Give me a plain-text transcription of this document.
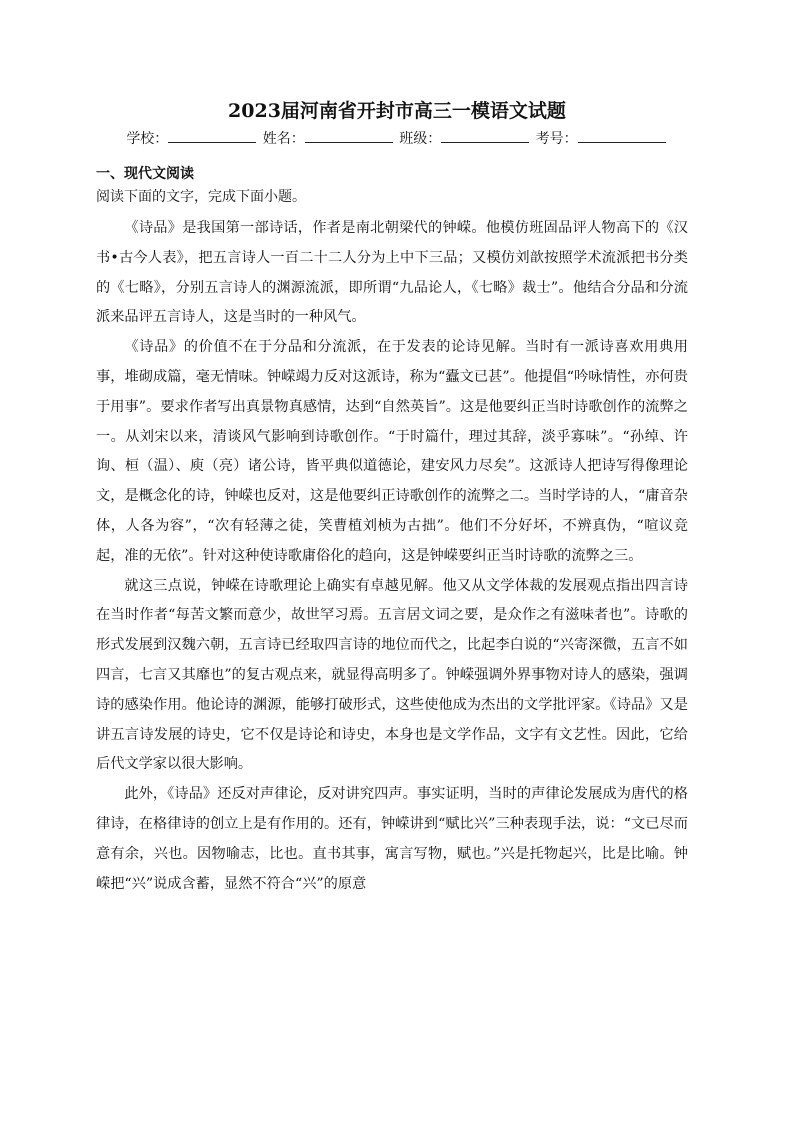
2023届河南省开封市高三一模语文试题
学校：	姓名：	班级：	考号：
一、现代文阅读
阅读下面的文字，完成下面小题。

《诗品》是我国第一部诗话，作者是南北朝梁代的钟嵘。他模仿班固品评人物高下的《汉书•古今人表》，把五言诗人一百二十二人分为上中下三品；又模仿刘歆按照学术流派把书分类的《七略》，分别五言诗人的渊源流派，即所谓“九品论人，《七略》裁士”。他结合分品和分流派来品评五言诗人，这是当时的一种风气。

《诗品》的价值不在于分品和分流派，在于发表的论诗见解。当时有一派诗喜欢用典用事，堆砌成篇，毫无情味。钟嵘竭力反对这派诗，称为“蠹文已甚”。他提倡“吟咏情性，亦何贵于用事”。要求作者写出真景物真感情，达到“自然英旨”。这是他要纠正当时诗歌创作的流弊之一。从刘宋以来，清谈风气影响到诗歌创作。“于时篇什，理过其辞，淡乎寡味”。“孙绰、许询、桓（温）、庾（亮）诸公诗，皆平典似道德论，建安风力尽矣”。这派诗人把诗写得像理论文，是概念化的诗，钟嵘也反对，这是他要纠正诗歌创作的流弊之二。当时学诗的人，“庸音杂体，人各为容”，“次有轻薄之徒，笑曹植刘桢为古拙”。他们不分好坏，不辨真伪，“喧议竞起，准的无依”。针对这种使诗歌庸俗化的趋向，这是钟嵘要纠正当时诗歌的流弊之三。

就这三点说，钟嵘在诗歌理论上确实有卓越见解。他又从文学体裁的发展观点指出四言诗在当时作者“每苦文繁而意少，故世罕习焉。五言居文词之要，是众作之有滋味者也”。诗歌的形式发展到汉魏六朝，五言诗已经取四言诗的地位而代之，比起李白说的“兴寄深微，五言不如四言，七言又其靡也”的复古观点来，就显得高明多了。钟嵘强调外界事物对诗人的感染，强调诗的感染作用。他论诗的渊源，能够打破形式，这些使他成为杰出的文学批评家。《诗品》又是讲五言诗发展的诗史，它不仅是诗论和诗史，本身也是文学作品，文字有文艺性。因此，它给后代文学家以很大影响。

此外，《诗品》还反对声律论，反对讲究四声。事实证明，当时的声律论发展成为唐代的格律诗，在格律诗的创立上是有作用的。还有，钟嵘讲到“赋比兴”三种表现手法，说：“文已尽而意有余，兴也。因物喻志，比也。直书其事，寓言写物，赋也。”兴是托物起兴，比是比喻。钟嵘把“兴”说成含蓄，显然不符合“兴”的原意
